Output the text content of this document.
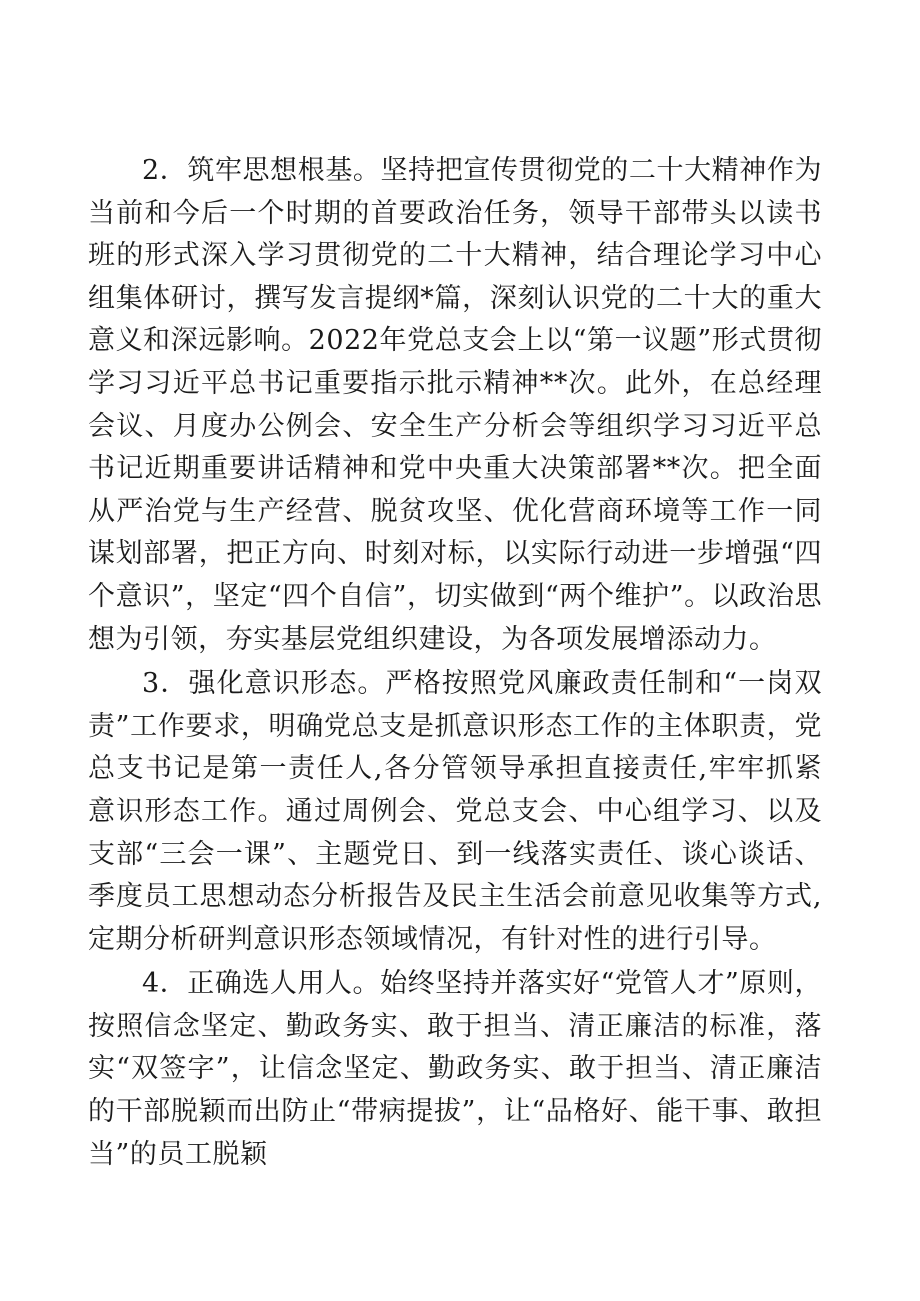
2．筑牢思想根基。坚持把宣传贯彻党的二十大精神作为当前和今后一个时期的首要政治任务，领导干部带头以读书班的形式深入学习贯彻党的二十大精神，结合理论学习中心组集体研讨，撰写发言提纲*篇，深刻认识党的二十大的重大意义和深远影响。2022年党总支会上以“第一议题”形式贯彻学习习近平总书记重要指示批示精神**次。此外，在总经理会议、月度办公例会、安全生产分析会等组织学习习近平总书记近期重要讲话精神和党中央重大决策部署**次。把全面从严治党与生产经营、脱贫攻坚、优化营商环境等工作一同谋划部署，把正方向、时刻对标，以实际行动进一步增强“四个意识”，坚定“四个自信”，切实做到“两个维护”。以政治思想为引领，夯实基层党组织建设，为各项发展增添动力。

3．强化意识形态。严格按照党风廉政责任制和“一岗双责”工作要求，明确党总支是抓意识形态工作的主体职责，党总支书记是第一责任人,各分管领导承担直接责任,牢牢抓紧意识形态工作。通过周例会、党总支会、中心组学习、以及支部“三会一课”、主题党日、到一线落实责任、谈心谈话、季度员工思想动态分析报告及民主生活会前意见收集等方式,定期分析研判意识形态领域情况，有针对性的进行引导。

4．正确选人用人。始终坚持并落实好“党管人才”原则，按照信念坚定、勤政务实、敢于担当、清正廉洁的标准，落实“双签字”，让信念坚定、勤政务实、敢于担当、清正廉洁的干部脱颖而出防止“带病提拔”，让“品格好、能干事、敢担当”的员工脱颖
